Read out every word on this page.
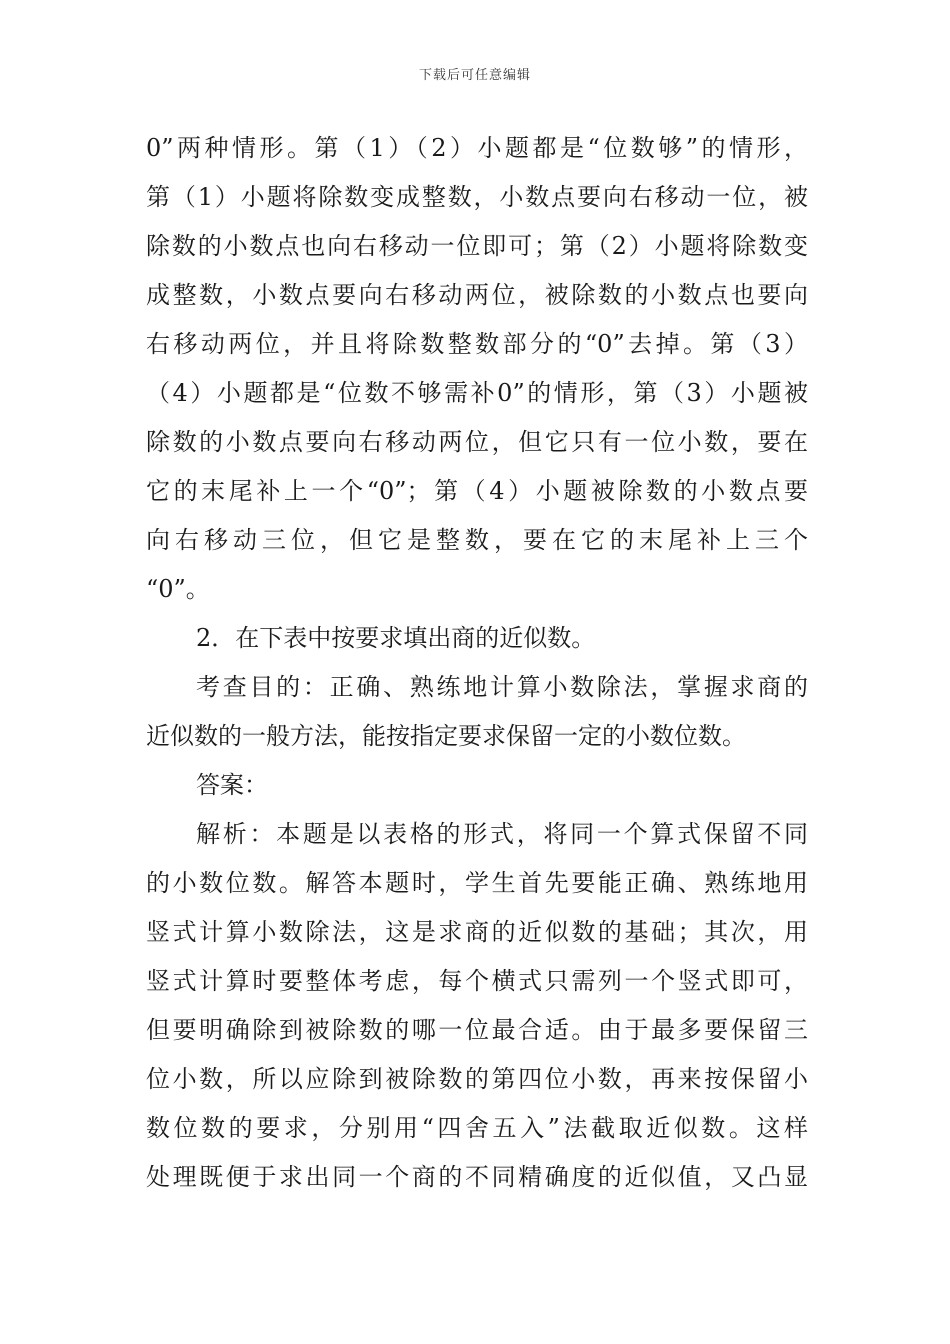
下载后可任意编辑
0”两种情形。第（1）（2）小题都是“位数够”的情形，
第（1）小题将除数变成整数，小数点要向右移动一位，被
除数的小数点也向右移动一位即可；第（2）小题将除数变
成整数，小数点要向右移动两位，被除数的小数点也要向
右移动两位，并且将除数整数部分的“0”去掉。第（3）
（4）小题都是“位数不够需补0”的情形，第（3）小题被
除数的小数点要向右移动两位，但它只有一位小数，要在
它的末尾补上一个“0”；第（4）小题被除数的小数点要
向右移动三位，但它是整数，要在它的末尾补上三个
“0”。
2．在下表中按要求填出商的近似数。
考查目的：正确、熟练地计算小数除法，掌握求商的
近似数的一般方法，能按指定要求保留一定的小数位数。
答案：
解析：本题是以表格的形式，将同一个算式保留不同
的小数位数。解答本题时，学生首先要能正确、熟练地用
竖式计算小数除法，这是求商的近似数的基础；其次，用
竖式计算时要整体考虑，每个横式只需列一个竖式即可，
但要明确除到被除数的哪一位最合适。由于最多要保留三
位小数，所以应除到被除数的第四位小数，再来按保留小
数位数的要求，分别用“四舍五入”法截取近似数。这样
处理既便于求出同一个商的不同精确度的近似值，又凸显
